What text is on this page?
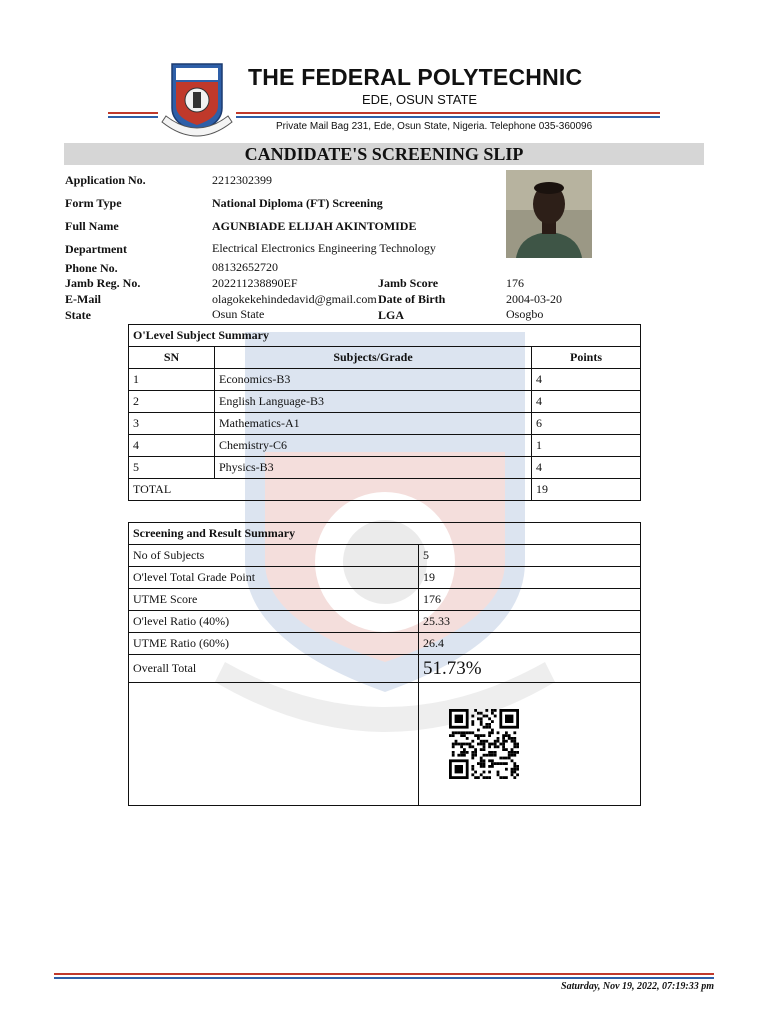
THE FEDERAL POLYTECHNIC
EDE, OSUN STATE
Private Mail Bag 231, Ede, Osun State, Nigeria. Telephone 035-360096
CANDIDATE'S SCREENING SLIP
Application No.	2212302399
Form Type	National Diploma (FT) Screening
Full Name	AGUNBIADE ELIJAH AKINTOMIDE
Department	Electrical Electronics Engineering Technology
Phone No.	08132652720
Jamb Reg. No.	202211238890EF	Jamb Score	176
E-Mail	olagokekehindedavid@gmail.com Date of Birth	2004-03-20
State	Osun State	LGA	Osogbo
O'Level Subject Summary		
SN	Subjects/Grade	Points
1	Economics-B3	4
2	English Language-B3	4
3	Mathematics-A1	6
4	Chemistry-C6	1
5	Physics-B3	4
TOTAL		19
Screening and Result Summary	
No of Subjects	5
O'level Total Grade Point	19
UTME Score	176
O'level Ratio (40%)	25.33
UTME Ratio (60%)	26.4
Overall Total	51.73%

Saturday, Nov 19, 2022, 07:19:33 pm
